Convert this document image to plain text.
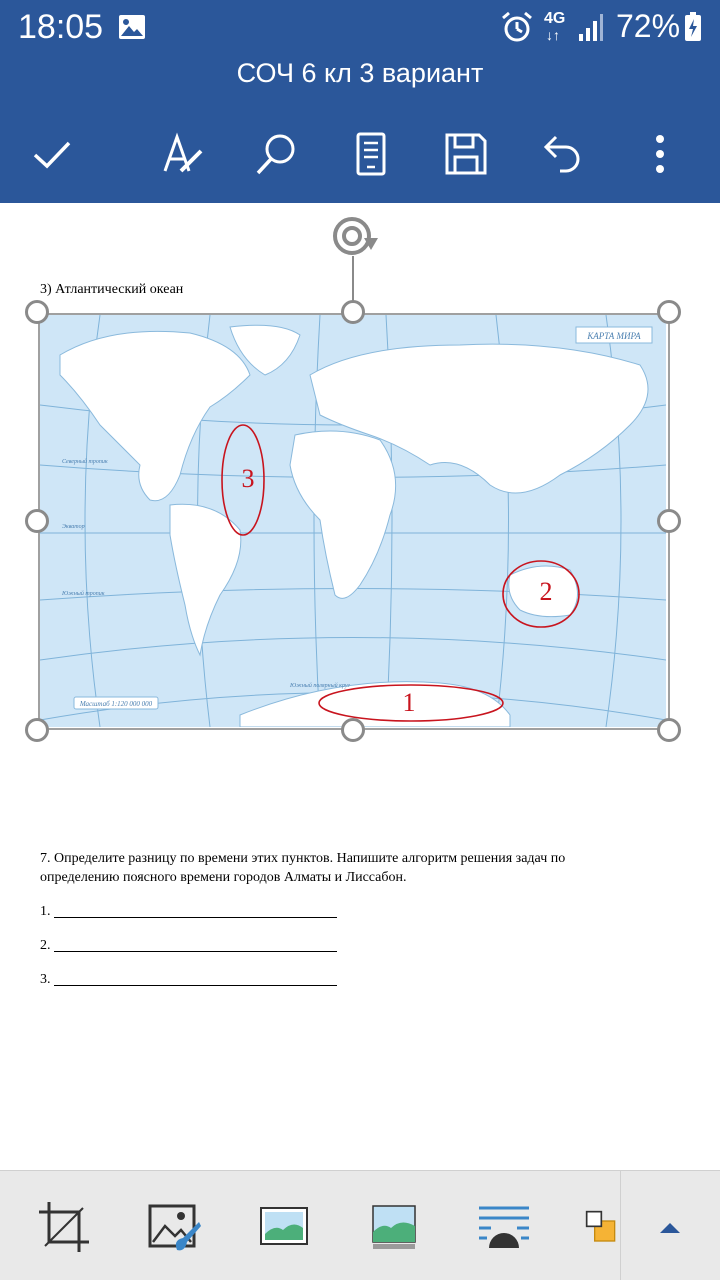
18:05	4G
↓↑ 72%
СОЧ 6 кл 3 вариант
3) Атлантический океан
КАРТА МИРА
Масштаб 1:120 000 000
Северный тропик
Экватор
Южный тропик
Южный полярный круг
3
2
1
7. Определите разницу по времени этих пунктов. Напишите алгоритм решения задач по
определению поясного времени городов Алматы и Лиссабон.
1.
2.
3.
